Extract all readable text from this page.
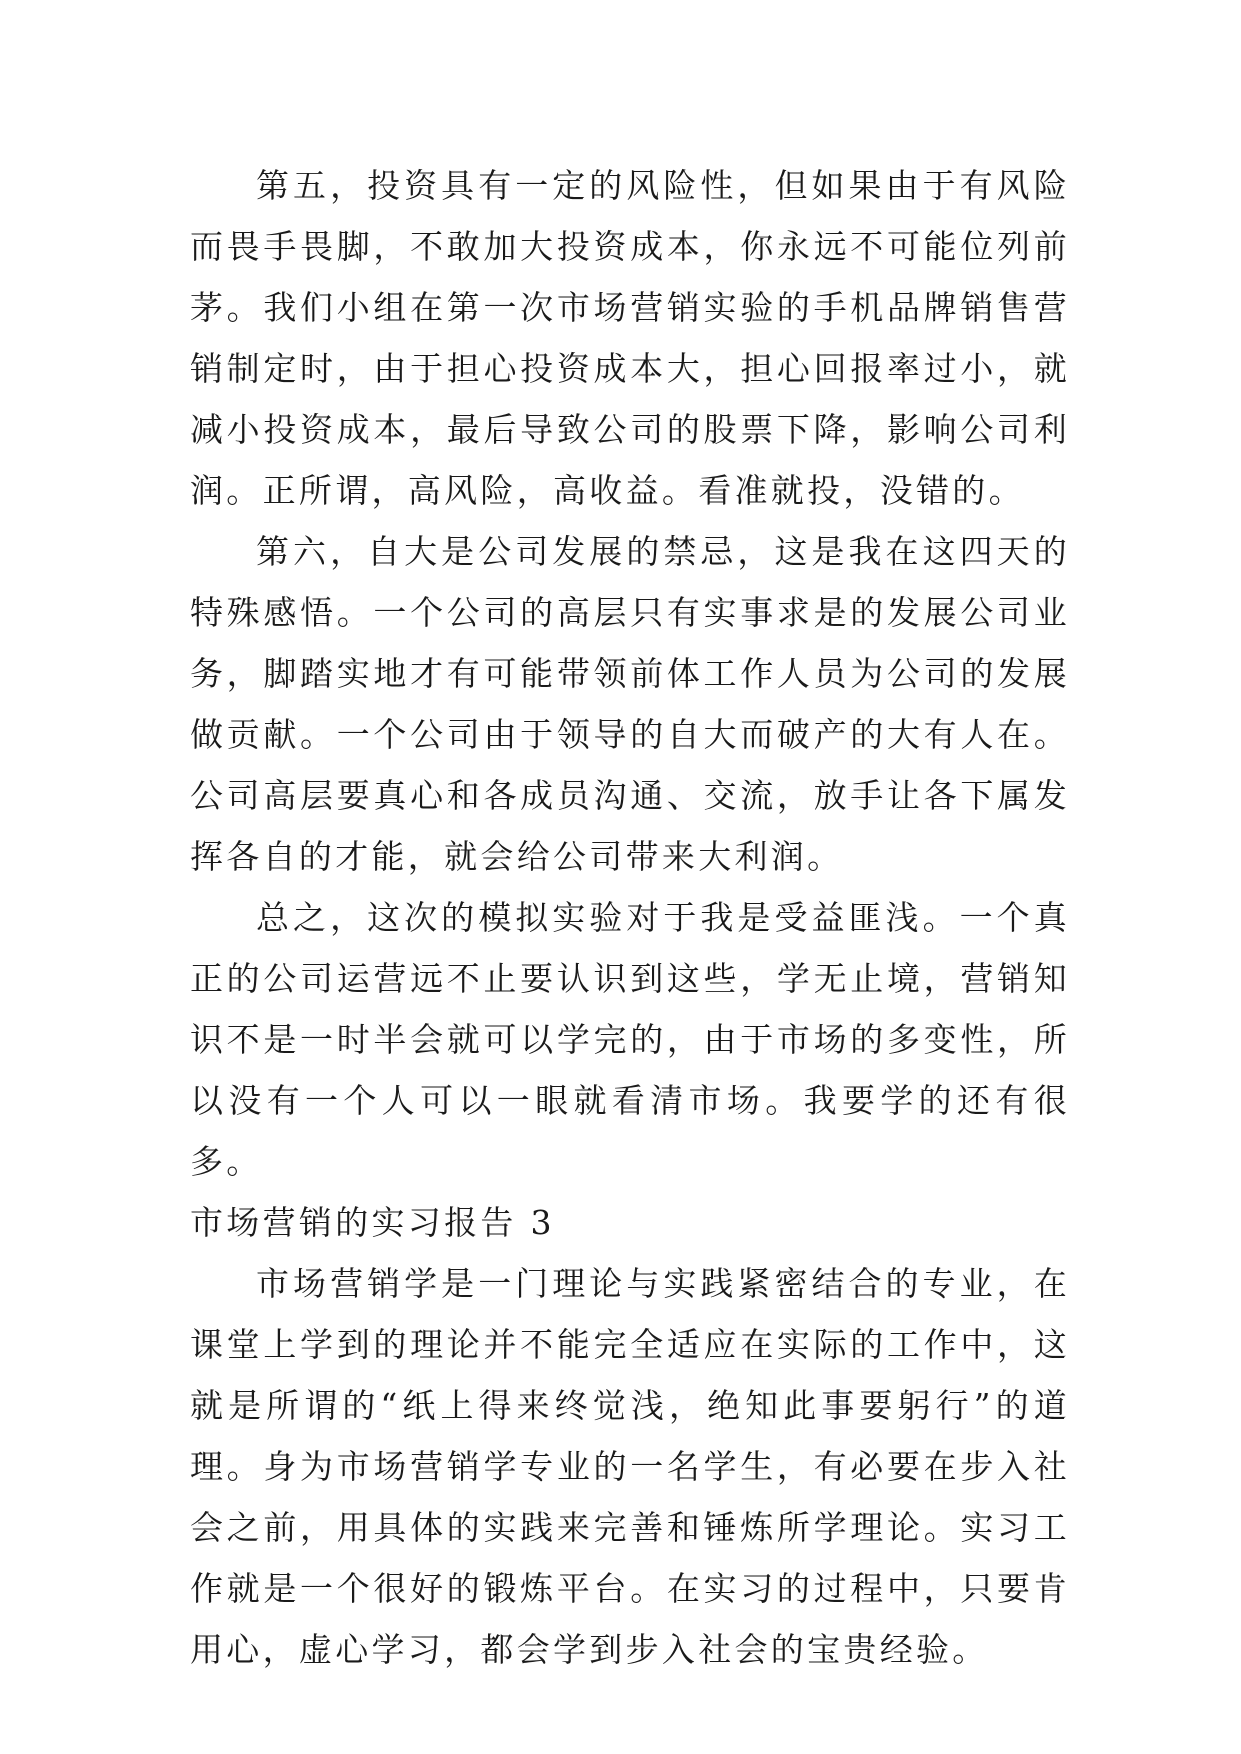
第五，投资具有一定的风险性，但如果由于有风险而畏手畏脚，不敢加大投资成本，你永远不可能位列前茅。我们小组在第一次市场营销实验的手机品牌销售营销制定时，由于担心投资成本大，担心回报率过小，就减小投资成本，最后导致公司的股票下降，影响公司利润。正所谓，高风险，高收益。看准就投，没错的。

第六，自大是公司发展的禁忌，这是我在这四天的特殊感悟。一个公司的高层只有实事求是的发展公司业务，脚踏实地才有可能带领前体工作人员为公司的发展做贡献。一个公司由于领导的自大而破产的大有人在。公司高层要真心和各成员沟通、交流，放手让各下属发挥各自的才能，就会给公司带来大利润。

总之，这次的模拟实验对于我是受益匪浅。一个真正的公司运营远不止要认识到这些，学无止境，营销知识不是一时半会就可以学完的，由于市场的多变性，所以没有一个人可以一眼就看清市场。我要学的还有很多。

市场营销的实习报告 3

市场营销学是一门理论与实践紧密结合的专业，在课堂上学到的理论并不能完全适应在实际的工作中，这就是所谓的“纸上得来终觉浅，绝知此事要躬行”的道理。身为市场营销学专业的一名学生，有必要在步入社会之前，用具体的实践来完善和锤炼所学理论。实习工作就是一个很好的锻炼平台。在实习的过程中，只要肯用心，虚心学习，都会学到步入社会的宝贵经验。
